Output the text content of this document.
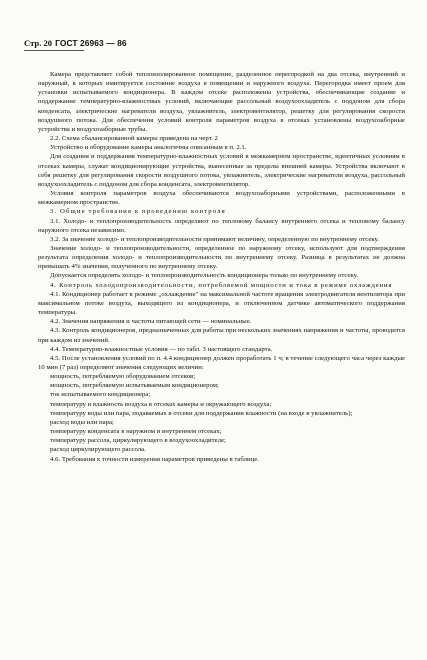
Стр. 20 ГОСТ 26963 — 86

Камера представляет собой теплоизолированное помещение, разделенное перегородкой на два отсека, внутренний и наружный, в которых имитируется состояние воздуха в помещении и наружного воздуха. Перегородка имеет проем для установки испытываемого кондиционера. В каждом отсеке расположены устройства, обеспечивающие создание и поддержание температурно-влажностных условий, включающие рассольный воздухоохладитель с поддоном для сбора конденсата, электрические нагреватели воздуха, увлажнитель, электровентилятор, решетку для регулирования скорости воздушного потока. Для обеспечения условий контроля параметров воздуха в отсеках установлены воздухозаборные устройства и воздухозаборные трубы.

2.2. Схема сбалансированной камеры приведена на черт. 2

Устройство и оборудование камеры аналогичны описанным в п. 2.1.

Для создания и поддержания температурно-влажностных условий в межкамерном пространстве, идентичных условиям в отсеках камеры, служат кондиционирующие устройства, вынесенные за пределы внешней камеры. Устройства включают в себя решетку для регулирования скорости воздушного потока, увлажнитель, электрические нагреватели воздуха, рассольный воздухоохладитель с поддоном для сбора конденсата, электровентилятор.

Условия контроля параметров воздуха обеспечиваются воздухозаборными устройствами, расположенными в межкамерном пространстве.

3. Общие требования к проведению контроля

3.1. Холодо- и теплопроизводительность определяют по тепловому балансу внутреннего отсека и тепловому балансу наружного отсека независимо.

3.2. За значение холодо- и теплопроизводительности принимают величину, определенную по внутреннему отсеку.

Значение холодо- и теплопроизводительности, определенное по наружному отсеку, используют для подтверждения результата определения холодо- и теплопроизводительности по внутреннему отсеку. Разница в результатах не должна превышать 4% значения, полученного по внутреннему отсеку.

Допускается определять холодо- и теплопроизводительность кондиционера только по внутреннему отсеку.

4. Контроль холодопроизводительности, потребляемой мощности и тока в режиме охлаждения

4.1. Кондиционер работает в режиме „охлаждение" на максимальной частоте вращения электродвигателя вентилятора при максимальном потоке воздуха, выходящего из кондиционера, и отключенном датчике автоматического поддержания температуры.

4.2. Значения напряжения и частоты питающей сети — номинальные.

4.3. Контроль кондиционеров, предназначенных для работы при нескольких значениях напряжения и частоты, проводится при каждом из значений.

4.4. Температурно-влажностные условия — по табл. 3 настоящего стандарта.

4.5. После установления условий по п. 4.4 кондиционер должен проработать 1 ч; в течение следующего часа через каждые 10 мин (7 раз) определяют значения следующих величин:

мощность, потребляемую оборудованием отсеков;

мощность, потребляемую испытываемым кондиционером;

ток испытываемого кондиционера;

температуру и влажность воздуха в отсеках камеры и окружающего воздуха;

температуру воды или пара, подаваемых в отсеки для поддержания влажности (на входе в увлажнитель);

расход воды или пара;

температуру конденсата в наружном и внутреннем отсеках;

температуру рассола, циркулирующего в воздухоохладителе;

расход циркулирующего рассола.

4.6. Требования к точности измерения параметров приведены в таблице.
